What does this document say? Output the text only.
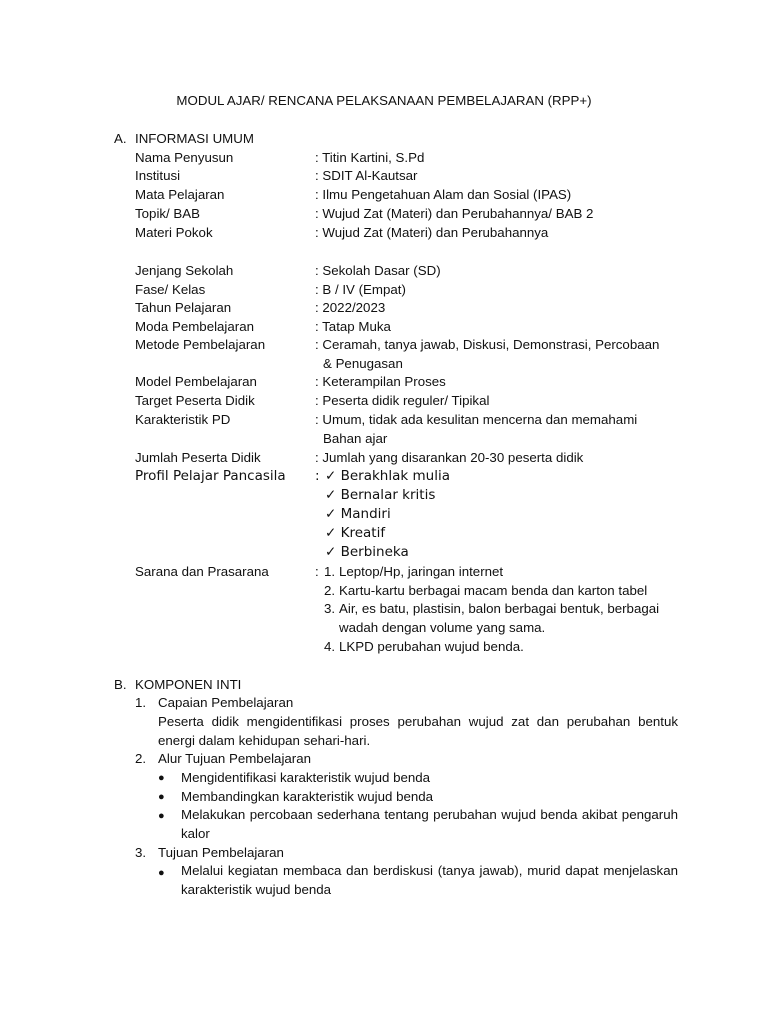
MODUL AJAR/ RENCANA PELAKSANAAN PEMBELAJARAN (RPP+)
A. INFORMASI UMUM
Nama Penyusun	: Titin Kartini, S.Pd
Institusi	: SDIT Al-Kautsar
Mata Pelajaran	: Ilmu Pengetahuan Alam dan Sosial (IPAS)
Topik/ BAB	: Wujud Zat (Materi) dan Perubahannya/ BAB 2
Materi Pokok	: Wujud Zat (Materi) dan Perubahannya
Jenjang Sekolah	: Sekolah Dasar (SD)
Fase/ Kelas	: B / IV (Empat)
Tahun Pelajaran	: 2022/2023
Moda Pembelajaran	: Tatap Muka
Metode Pembelajaran	: Ceramah, tanya jawab, Diskusi, Demonstrasi, Percobaan
& Penugasan
Model Pembelajaran	: Keterampilan Proses
Target Peserta Didik	: Peserta didik reguler/ Tipikal
Karakteristik PD	: Umum, tidak ada kesulitan mencerna dan memahami
Bahan ajar
Jumlah Peserta Didik	: Jumlah yang disarankan 20-30 peserta didik
Profil Pelajar Pancasila : ✓ Berakhlak mulia
✓ Bernalar kritis
✓ Mandiri
✓ Kreatif
✓ Berbineka
Sarana dan Prasarana	: 1. Leptop/Hp, jaringan internet
2. Kartu-kartu berbagai macam benda dan karton tabel
3. Air, es batu, plastisin, balon berbagai bentuk, berbagai
wadah dengan volume yang sama.
4. LKPD perubahan wujud benda.
B. KOMPONEN INTI
1. Capaian Pembelajaran
Peserta didik mengidentifikasi proses perubahan wujud zat dan perubahan bentuk energi dalam kehidupan sehari-hari.
2. Alur Tujuan Pembelajaran
● Mengidentifikasi karakteristik wujud benda
● Membandingkan karakteristik wujud benda
● Melakukan percobaan sederhana tentang perubahan wujud benda akibat pengaruh kalor
3. Tujuan Pembelajaran
● Melalui kegiatan membaca dan berdiskusi (tanya jawab), murid dapat menjelaskan karakteristik wujud benda
